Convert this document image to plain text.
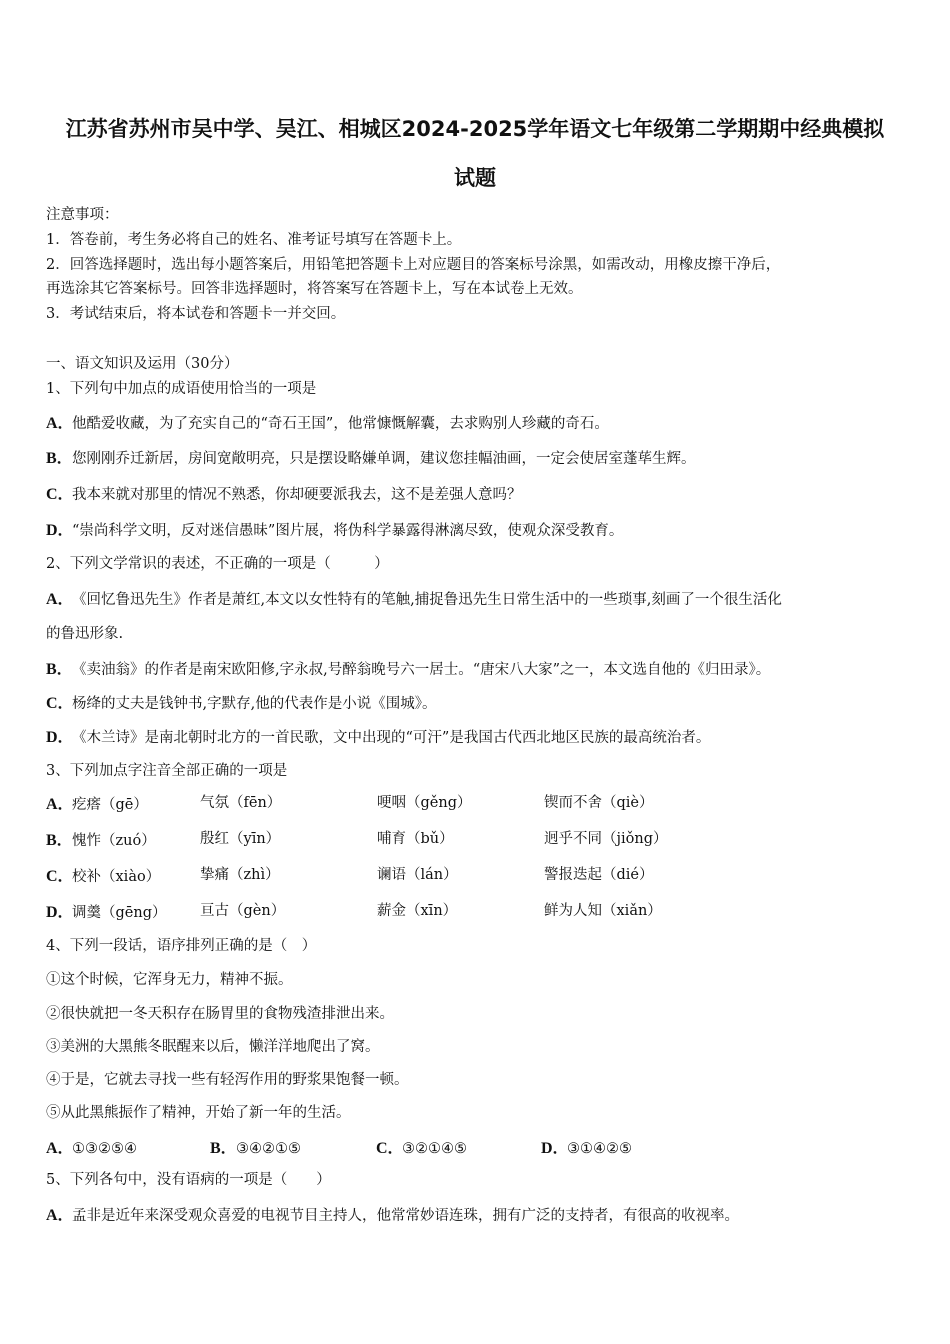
江苏省苏州市吴中学、吴江、相城区2024-2025学年语文七年级第二学期期中经典模拟
试题
注意事项：
1．答卷前，考生务必将自己的姓名、准考证号填写在答题卡上。
2．回答选择题时，选出每小题答案后，用铅笔把答题卡上对应题目的答案标号涂黑，如需改动，用橡皮擦干净后，
再选涂其它答案标号。回答非选择题时，将答案写在答题卡上，写在本试卷上无效。
3．考试结束后，将本试卷和答题卡一并交回。
一、语文知识及运用（30分）
1、下列句中加点的成语使用恰当的一项是
A．他酷爱收藏，为了充实自己的“奇石王国”，他常慷慨解囊，去求购别人珍藏的奇石。
B．您刚刚乔迁新居，房间宽敞明亮，只是摆设略嫌单调，建议您挂幅油画，一定会使居室蓬荜生辉。
C．我本来就对那里的情况不熟悉，你却硬要派我去，这不是差强人意吗？
D．“崇尚科学文明，反对迷信愚昧”图片展，将伪科学暴露得淋漓尽致，使观众深受教育。
2、下列文学常识的表述，不正确的一项是（　　　）
A．《回忆鲁迅先生》作者是萧红,本文以女性特有的笔触,捕捉鲁迅先生日常生活中的一些琐事,刻画了一个很生活化
的鲁迅形象.
B．《卖油翁》的作者是南宋欧阳修,字永叔,号醉翁晚号六一居士。“唐宋八大家”之一，本文选自他的《归田录》。
C．杨绛的丈夫是钱钟书,字默存,他的代表作是小说《围城》。
D．《木兰诗》是南北朝时北方的一首民歌，文中出现的“可汗”是我国古代西北地区民族的最高统治者。
3、下列加点字注音全部正确的一项是
A．疙瘩（gē）	气氛（fēn）	哽咽（gěng）	锲而不舍（qiè）
B．愧怍（zuó）	殷红（yīn）	哺育（bǔ）	迥乎不同（jiǒng）
C．校补（xiào）	挚痛（zhì）	谰语（lán）	警报迭起（dié）
D．调羹（gēng） 亘古（gèn）	薪金（xīn）	鲜为人知（xiǎn）
4、下列一段话，语序排列正确的是（　）
①这个时候，它浑身无力，精神不振。
②很快就把一冬天积存在肠胃里的食物残渣排泄出来。
③美洲的大黑熊冬眠醒来以后，懒洋洋地爬出了窝。
④于是，它就去寻找一些有轻泻作用的野浆果饱餐一顿。
⑤从此黑熊振作了精神，开始了新一年的生活。
A．①③②⑤④	B．③④②①⑤	C．③②①④⑤	D．③①④②⑤
5、下列各句中，没有语病的一项是（　　）
A．孟非是近年来深受观众喜爱的电视节目主持人，他常常妙语连珠，拥有广泛的支持者，有很高的收视率。
